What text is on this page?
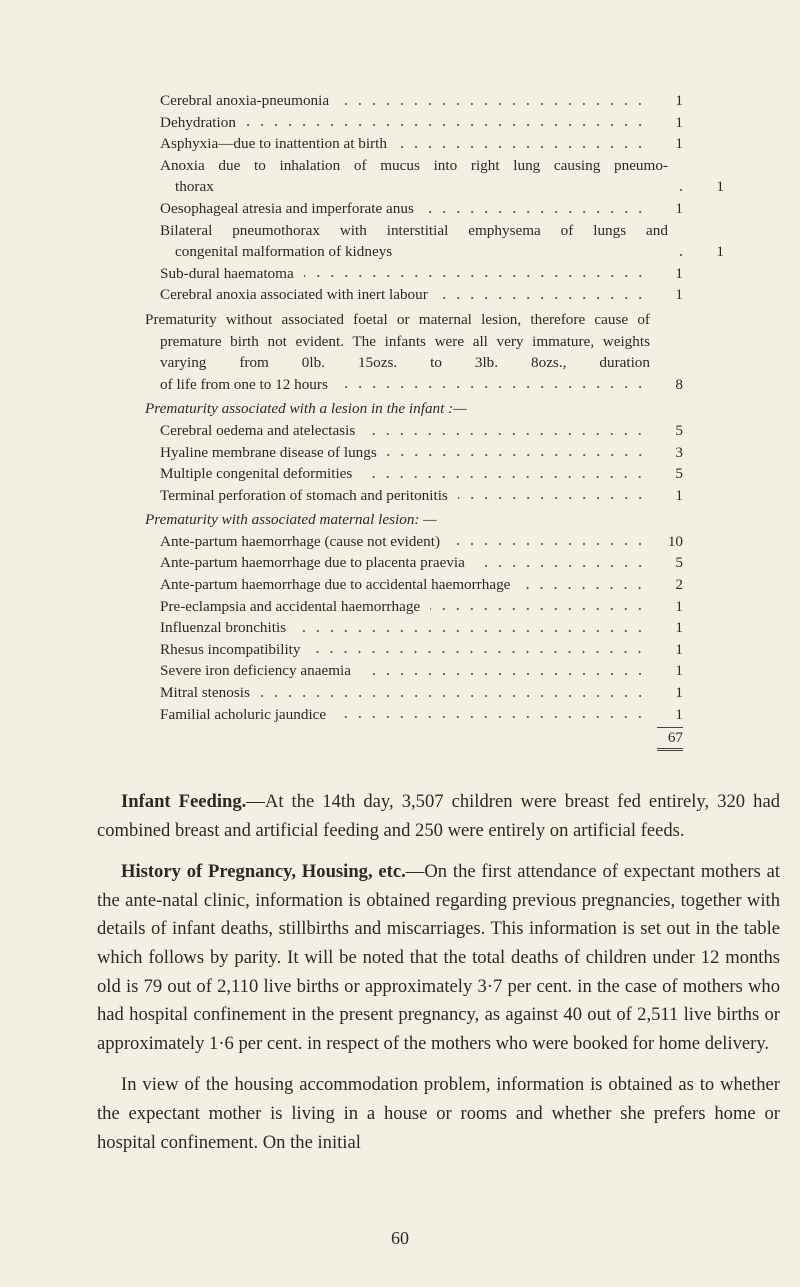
Cerebral anoxia-pneumonia	1
Dehydration	1
Asphyxia—due to inattention at birth	1
Anoxia due to inhalation of mucus into right lung causing pneumo-
thorax	1
Oesophageal atresia and imperforate anus	1
Bilateral pneumothorax with interstitial emphysema of lungs and
congenital malformation of kidneys	1
Sub-dural haematoma	1
Cerebral anoxia associated with inert labour	1
Prematurity without associated foetal or maternal lesion, therefore cause of premature birth not evident. The infants were all very immature, weights varying from 0lb. 15ozs. to 3lb. 8ozs., duration
of life from one to 12 hours	8
Prematurity associated with a lesion in the infant :—
Cerebral oedema and atelectasis	5
Hyaline membrane disease of lungs	3
Multiple congenital deformities	5
Terminal perforation of stomach and peritonitis	1
Prematurity with associated maternal lesion: —
Ante-partum haemorrhage (cause not evident)	10
Ante-partum haemorrhage due to placenta praevia	5
Ante-partum haemorrhage due to accidental haemorrhage	2
Pre-eclampsia and accidental haemorrhage	1
Influenzal bronchitis	1
Rhesus incompatibility	1
Severe iron deficiency anaemia	1
Mitral stenosis	1
Familial acholuric jaundice	1
67

Infant Feeding.—At the 14th day, 3,507 children were breast fed entirely, 320 had combined breast and artificial feeding and 250 were entirely on artificial feeds.

History of Pregnancy, Housing, etc.—On the first attendance of expectant mothers at the ante-natal clinic, information is obtained regarding previous pregnancies, together with details of infant deaths, stillbirths and miscarriages. This information is set out in the table which follows by parity. It will be noted that the total deaths of children under 12 months old is 79 out of 2,110 live births or approximately 3·7 per cent. in the case of mothers who had hospital confinement in the present pregnancy, as against 40 out of 2,511 live births or approximately 1·6 per cent. in respect of the mothers who were booked for home delivery.

In view of the housing accommodation problem, information is obtained as to whether the expectant mother is living in a house or rooms and whether she prefers home or hospital confinement. On the initial

60
